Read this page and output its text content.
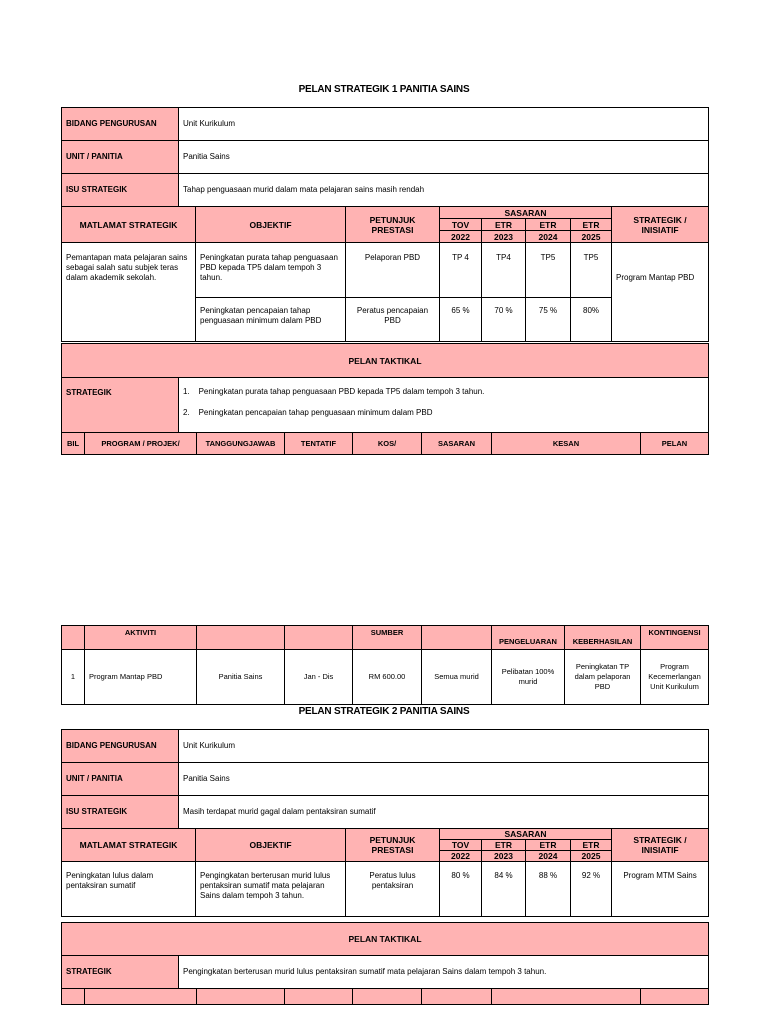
PELAN STRATEGIK 1 PANITIA SAINS
BIDANG PENGURUSAN	Unit Kurikulum
UNIT / PANITIA	Panitia Sains
ISU STRATEGIK	Tahap penguasaan murid dalam mata pelajaran sains masih rendah
MATLAMAT STRATEGIK	OBJEKTIF	PETUNJUK PRESTASI	SASARAN				STRATEGIK / INISIATIF
			TOV	ETR	ETR	ETR	
			2022	2023	2024	2025	
Pemantapan mata pelajaran sains sebagai salah satu subjek teras dalam akademik sekolah.	Peningkatan purata tahap penguasaan PBD kepada TP5 dalam tempoh 3 tahun.	Pelaporan PBD	TP 4	TP4	TP5	TP5	Program Mantap PBD
	Peningkatan pencapaian tahap penguasaan minimum dalam PBD	Peratus pencapaian PBD	65 %	70 %	75 %	80%	
PELAN TAKTIKAL
STRATEGIK	1. Peningkatan purata tahap penguasaan PBD kepada TP5 dalam tempoh 3 tahun.
2. Peningkatan pencapaian tahap penguasaan minimum dalam PBD
BIL	PROGRAM / PROJEK/	TANGGUNGJAWAB	TENTATIF	KOS/	SASARAN	KESAN	PELAN
	AKTIVITI			SUMBER		PENGELUARAN	KEBERHASILAN	KONTINGENSI
1	Program Mantap PBD	Panitia Sains	Jan - Dis	RM 600.00	Semua murid	Pelibatan 100% murid	Peningkatan TP dalam pelaporan PBD	Program Kecemerlangan Unit Kurikulum
PELAN STRATEGIK 2 PANITIA SAINS
BIDANG PENGURUSAN	Unit Kurikulum
UNIT / PANITIA	Panitia Sains
ISU STRATEGIK	Masih terdapat murid gagal dalam pentaksiran sumatif
MATLAMAT STRATEGIK	OBJEKTIF	PETUNJUK PRESTASI	SASARAN				STRATEGIK / INISIATIF
			TOV	ETR	ETR	ETR	
			2022	2023	2024	2025	
Peningkatan lulus dalam pentaksiran sumatif	Pengingkatan berterusan murid lulus pentaksiran sumatif mata pelajaran Sains dalam tempoh 3 tahun.	Peratus lulus pentaksiran	80 %	84 %	88 %	92 %	Program MTM Sains
PELAN TAKTIKAL
STRATEGIK	Pengingkatan berterusan murid lulus pentaksiran sumatif mata pelajaran Sains dalam tempoh 3 tahun.
